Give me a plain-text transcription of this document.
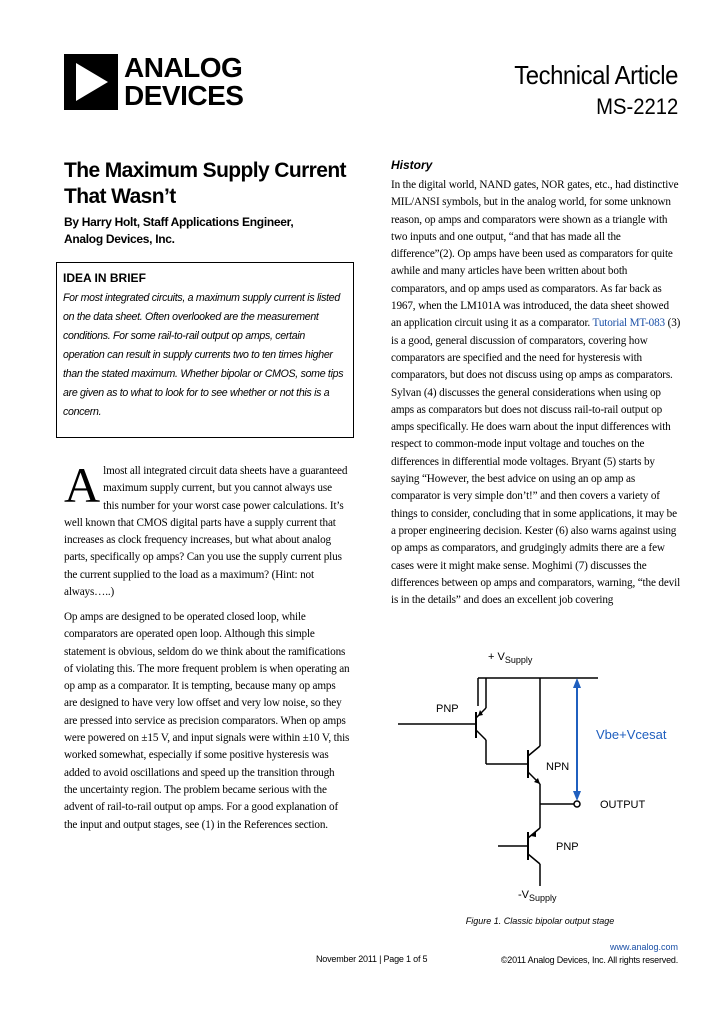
ANALOG
DEVICES
Technical Article
MS-2212
The Maximum Supply Current That Wasn’t
By Harry Holt, Staff Applications Engineer,
Analog Devices, Inc.
IDEA IN BRIEF
For most integrated circuits, a maximum supply current is listed on the data sheet. Often overlooked are the measurement conditions. For some rail-to-rail output op amps, certain operation can result in supply currents two to ten times higher than the stated maximum. Whether bipolar or CMOS, some tips are given as to what to look for to see whether or not this is a concern.
A lmost all integrated circuit data sheets have a guaranteed maximum supply current, but you cannot always use this number for your worst case power calculations. It’s well known that CMOS digital parts have a supply current that increases as clock frequency increases, but what about analog parts, specifically op amps? Can you use the supply current plus the current supplied to the load as a maximum? (Hint: not always…..)

Op amps are designed to be operated closed loop, while comparators are operated open loop. Although this simple statement is obvious, seldom do we think about the ramifications of violating this. The more frequent problem is when operating an op amp as a comparator. It is tempting, because many op amps are designed to have very low offset and very low noise, so they are pressed into service as precision comparators. When op amps were powered on ±15 V, and input signals were within ±10 V, this worked somewhat, especially if some positive hysteresis was added to avoid oscillations and speed up the transition through the uncertainty region. The problem became serious with the advent of rail-to-rail output op amps. For a good explanation of the input and output stages, see (1) in the References section.

History

In the digital world, NAND gates, NOR gates, etc., had distinctive MIL/ANSI symbols, but in the analog world, for some unknown reason, op amps and comparators were shown as a triangle with two inputs and one output, “and that has made all the difference”(2). Op amps have been used as comparators for quite awhile and many articles have been written about both comparators, and op amps used as comparators. As far back as 1967, when the LM101A was introduced, the data sheet showed an application circuit using it as a comparator. Tutorial MT-083 (3) is a good, general discussion of comparators, covering how comparators are specified and the need for hysteresis with comparators, but does not discuss using op amps as comparators. Sylvan (4) discusses the general considerations when using op amps as comparators but does not discuss rail-to-rail output op amps specifically. He does warn about the input differences with respect to common-mode input voltage and touches on the differences in differential mode voltages. Bryant (5) starts by saying “However, the best advice on using an op amp as comparator is very simple don’t!” and then covers a variety of things to consider, concluding that in some applications, it may be a proper engineering decision. Kester (6) also warns against using op amps as comparators, and grudgingly admits there are a few cases were it might make sense. Moghimi (7) discusses the differences between op amps and comparators, warning, “the devil is in the details” and does an excellent job covering

+ $V_{Supply}$
PNP
NPN
OUTPUT
Vbe+Vcesat
PNP
$-V_{Supply}$
Figure 1. Classic bipolar output stage
November 2011 | Page 1 of 5
www.analog.com
©2011 Analog Devices, Inc. All rights reserved.
